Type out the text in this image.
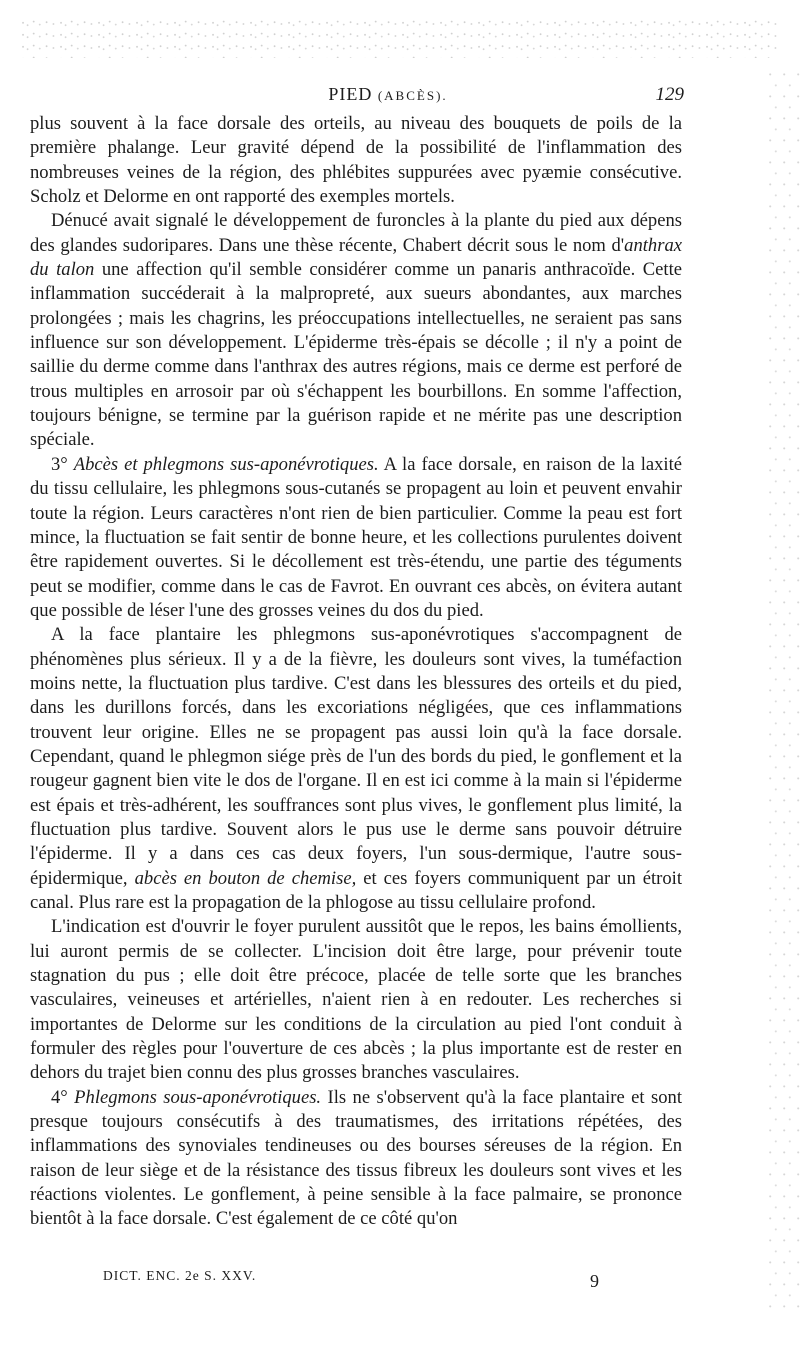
PIED (ABCÈS).	129

plus souvent à la face dorsale des orteils, au niveau des bouquets de poils de la première phalange. Leur gravité dépend de la possibilité de l'inflammation des nombreuses veines de la région, des phlébites suppurées avec pyæmie consécutive. Scholz et Delorme en ont rapporté des exemples mortels.

Dénucé avait signalé le développement de furoncles à la plante du pied aux dépens des glandes sudoripares. Dans une thèse récente, Chabert décrit sous le nom d'anthrax du talon une affection qu'il semble considérer comme un panaris anthracoïde. Cette inflammation succéderait à la malpropreté, aux sueurs abondantes, aux marches prolongées ; mais les chagrins, les préoccupations intellectuelles, ne seraient pas sans influence sur son développement. L'épiderme très-épais se décolle ; il n'y a point de saillie du derme comme dans l'anthrax des autres régions, mais ce derme est perforé de trous multiples en arrosoir par où s'échappent les bourbillons. En somme l'affection, toujours bénigne, se termine par la guérison rapide et ne mérite pas une description spéciale.

3° Abcès et phlegmons sus-aponévrotiques. A la face dorsale, en raison de la laxité du tissu cellulaire, les phlegmons sous-cutanés se propagent au loin et peuvent envahir toute la région. Leurs caractères n'ont rien de bien particulier. Comme la peau est fort mince, la fluctuation se fait sentir de bonne heure, et les collections purulentes doivent être rapidement ouvertes. Si le décollement est très-étendu, une partie des téguments peut se modifier, comme dans le cas de Favrot. En ouvrant ces abcès, on évitera autant que possible de léser l'une des grosses veines du dos du pied.

A la face plantaire les phlegmons sus-aponévrotiques s'accompagnent de phénomènes plus sérieux. Il y a de la fièvre, les douleurs sont vives, la tuméfaction moins nette, la fluctuation plus tardive. C'est dans les blessures des orteils et du pied, dans les durillons forcés, dans les excoriations négligées, que ces inflammations trouvent leur origine. Elles ne se propagent pas aussi loin qu'à la face dorsale. Cependant, quand le phlegmon siége près de l'un des bords du pied, le gonflement et la rougeur gagnent bien vite le dos de l'organe. Il en est ici comme à la main si l'épiderme est épais et très-adhérent, les souffrances sont plus vives, le gonflement plus limité, la fluctuation plus tardive. Souvent alors le pus use le derme sans pouvoir détruire l'épiderme. Il y a dans ces cas deux foyers, l'un sous-dermique, l'autre sous-épidermique, abcès en bouton de chemise, et ces foyers communiquent par un étroit canal. Plus rare est la propagation de la phlogose au tissu cellulaire profond.

L'indication est d'ouvrir le foyer purulent aussitôt que le repos, les bains émollients, lui auront permis de se collecter. L'incision doit être large, pour prévenir toute stagnation du pus ; elle doit être précoce, placée de telle sorte que les branches vasculaires, veineuses et artérielles, n'aient rien à en redouter. Les recherches si importantes de Delorme sur les conditions de la circulation au pied l'ont conduit à formuler des règles pour l'ouverture de ces abcès ; la plus importante est de rester en dehors du trajet bien connu des plus grosses branches vasculaires.

4° Phlegmons sous-aponévrotiques. Ils ne s'observent qu'à la face plantaire et sont presque toujours consécutifs à des traumatismes, des irritations répétées, des inflammations des synoviales tendineuses ou des bourses séreuses de la région. En raison de leur siège et de la résistance des tissus fibreux les douleurs sont vives et les réactions violentes. Le gonflement, à peine sensible à la face palmaire, se prononce bientôt à la face dorsale. C'est également de ce côté qu'on

DICT. ENC. 2e S. XXV.	9
